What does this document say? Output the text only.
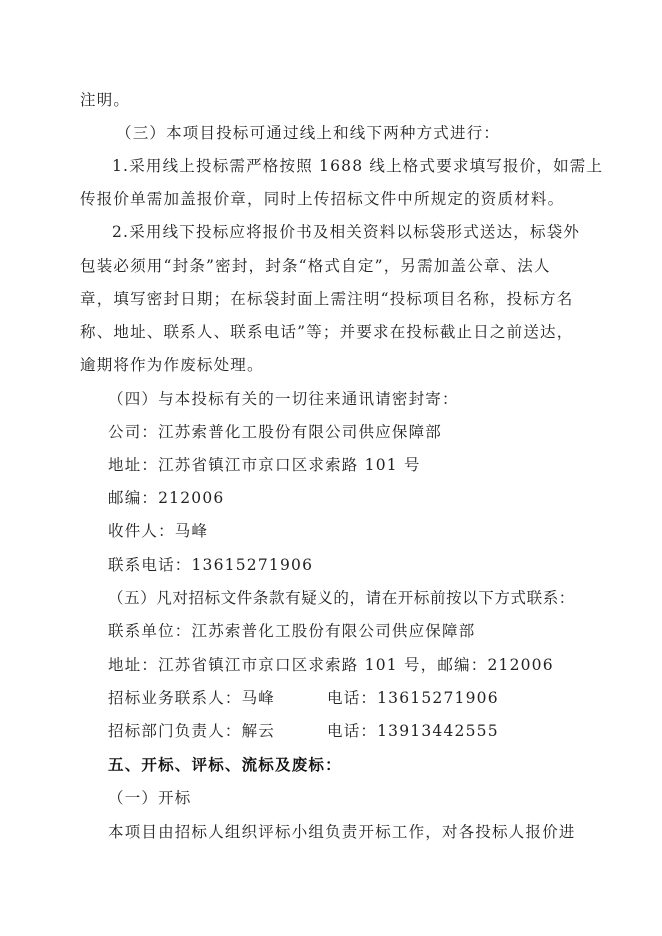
注明。
（三）本项目投标可通过线上和线下两种方式进行：
1.采用线上投标需严格按照 1688 线上格式要求填写报价，如需上
传报价单需加盖报价章，同时上传招标文件中所规定的资质材料。
2.采用线下投标应将报价书及相关资料以标袋形式送达，标袋外
包装必须用“封条”密封，封条“格式自定”，另需加盖公章、法人
章，填写密封日期；在标袋封面上需注明“投标项目名称，投标方名
称、地址、联系人、联系电话”等；并要求在投标截止日之前送达，
逾期将作为作废标处理。
（四）与本投标有关的一切往来通讯请密封寄：
公司：江苏索普化工股份有限公司供应保障部
地址：江苏省镇江市京口区求索路 101 号
邮编：212006
收件人：马峰
联系电话：13615271906
（五）凡对招标文件条款有疑义的，请在开标前按以下方式联系：
联系单位：江苏索普化工股份有限公司供应保障部
地址：江苏省镇江市京口区求索路 101 号，邮编：212006
招标业务联系人：马峰	电话：13615271906
招标部门负责人：解云	电话：13913442555
五、开标、评标、流标及废标：
（一）开标
本项目由招标人组织评标小组负责开标工作，对各投标人报价进
